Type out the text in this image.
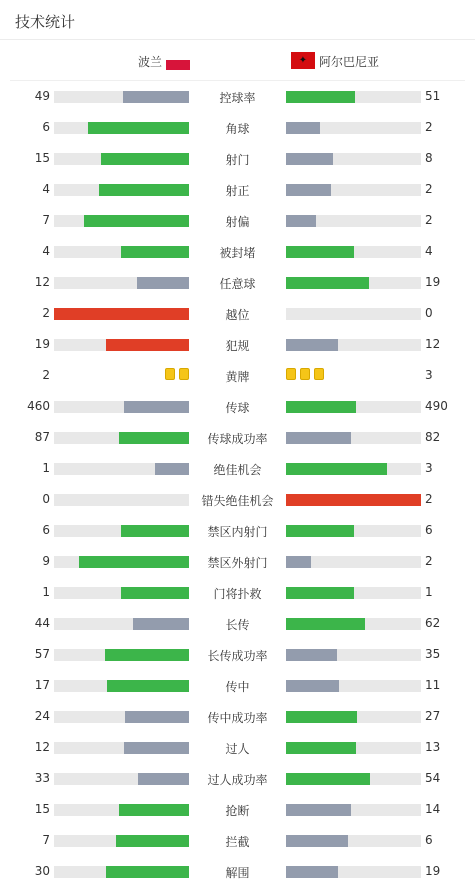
技术统计
波兰	✦ 阿尔巴尼亚
49	控球率	51
6	角球	2
15	射门	8
4	射正	2
7	射偏	2
4	被封堵	4
12	任意球	19
2	越位	0
19	犯规	12
2	黄牌	3
460	传球	490
87	传球成功率	82
1	绝佳机会	3
0	错失绝佳机会	2
6	禁区内射门	6
9	禁区外射门	2
1	门将扑救	1
44	长传	62
57	长传成功率	35
17	传中	11
24	传中成功率	27
12	过人	13
33	过人成功率	54
15	抢断	14
7	拦截	6
30	解围	19
